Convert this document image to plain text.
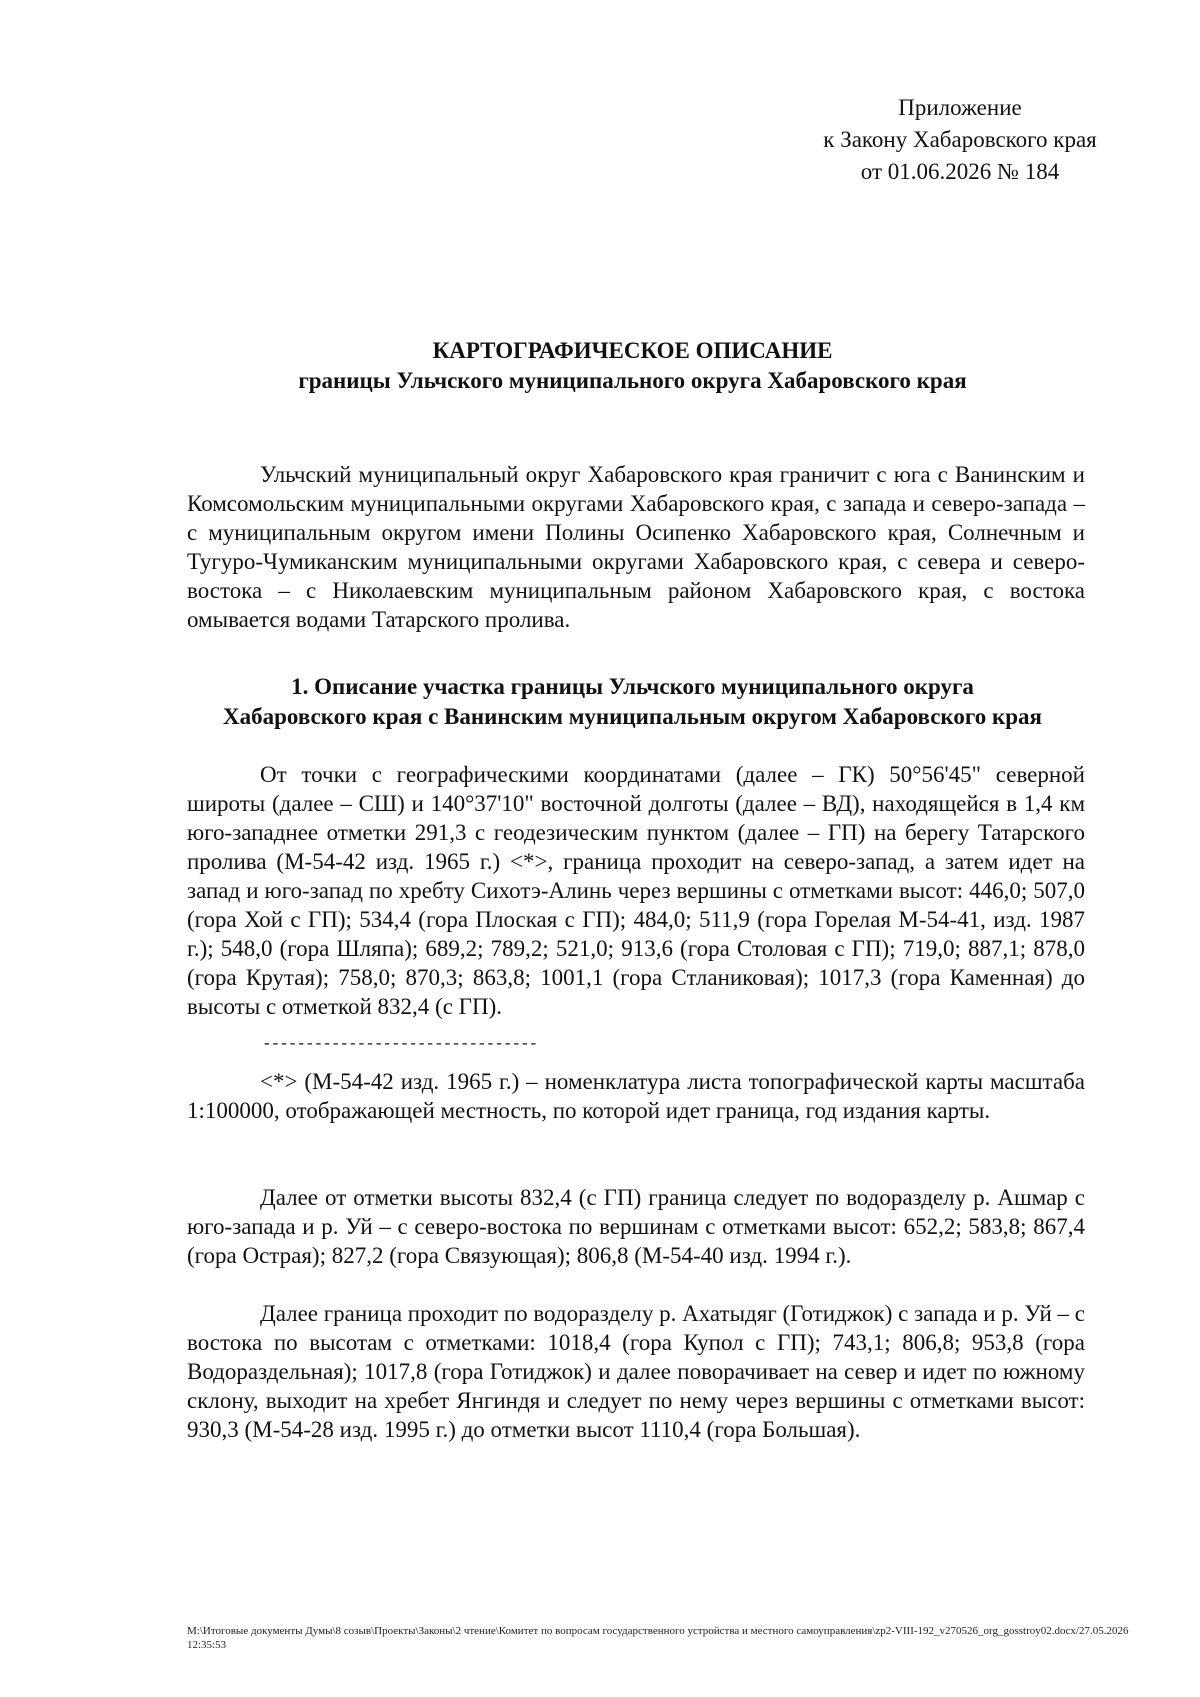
Приложение
к Закону Хабаровского края
от 01.06.2026 № 184
КАРТОГРАФИЧЕСКОЕ ОПИСАНИЕ
границы Ульчского муниципального округа Хабаровского края

Ульчский муниципальный округ Хабаровского края граничит с юга с Ванинским и Комсомольским муниципальными округами Хабаровского края, с запада и северо-запада – с муниципальным округом имени Полины Осипенко Хабаровского края, Солнечным и Тугуро-Чумиканским муниципальными округами Хабаровского края, с севера и северо-востока – с Николаевским муниципальным районом Хабаровского края, с востока омывается водами Татарского пролива.

1. Описание участка границы Ульчского муниципального округа
Хабаровского края с Ванинским муниципальным округом Хабаровского края

От точки с географическими координатами (далее – ГК) 50°56'45" северной широты (далее – СШ) и 140°37'10" восточной долготы (далее – ВД), находящейся в 1,4 км юго-западнее отметки 291,3 с геодезическим пунктом (далее – ГП) на берегу Татарского пролива (М-54-42 изд. 1965 г.) <*>, граница проходит на северо-запад, а затем идет на запад и юго-запад по хребту Сихотэ-Алинь через вершины с отметками высот: 446,0; 507,0 (гора Хой с ГП); 534,4 (гора Плоская с ГП); 484,0; 511,9 (гора Горелая М-54-41, изд. 1987 г.); 548,0 (гора Шляпа); 689,2; 789,2; 521,0; 913,6 (гора Столовая с ГП); 719,0; 887,1; 878,0 (гора Крутая); 758,0; 870,3; 863,8; 1001,1 (гора Стланиковая); 1017,3 (гора Каменная) до высоты с отметкой 832,4 (с ГП).

--------------------------------

<*> (М-54-42 изд. 1965 г.) – номенклатура листа топографической карты масштаба 1:100000, отображающей местность, по которой идет граница, год издания карты.

Далее от отметки высоты 832,4 (с ГП) граница следует по водоразделу р. Ашмар с юго-запада и р. Уй – с северо-востока по вершинам с отметками высот: 652,2; 583,8; 867,4 (гора Острая); 827,2 (гора Связующая); 806,8 (М-54-40 изд. 1994 г.).

Далее граница проходит по водоразделу р. Ахатыдяг (Готиджок) с запада и р. Уй – с востока по высотам с отметками: 1018,4 (гора Купол с ГП); 743,1; 806,8; 953,8 (гора Водораздельная); 1017,8 (гора Готиджок) и далее поворачивает на север и идет по южному склону, выходит на хребет Янгиндя и следует по нему через вершины с отметками высот: 930,3 (М-54-28 изд. 1995 г.) до отметки высот 1110,4 (гора Большая).

M:\Итоговые документы Думы\8 созыв\Проекты\Законы\2 чтение\Комитет по вопросам государственного устройства и местного самоуправления\zp2-VIII-192_v270526_org_gosstroy02.docx/27.05.2026 12:35:53
